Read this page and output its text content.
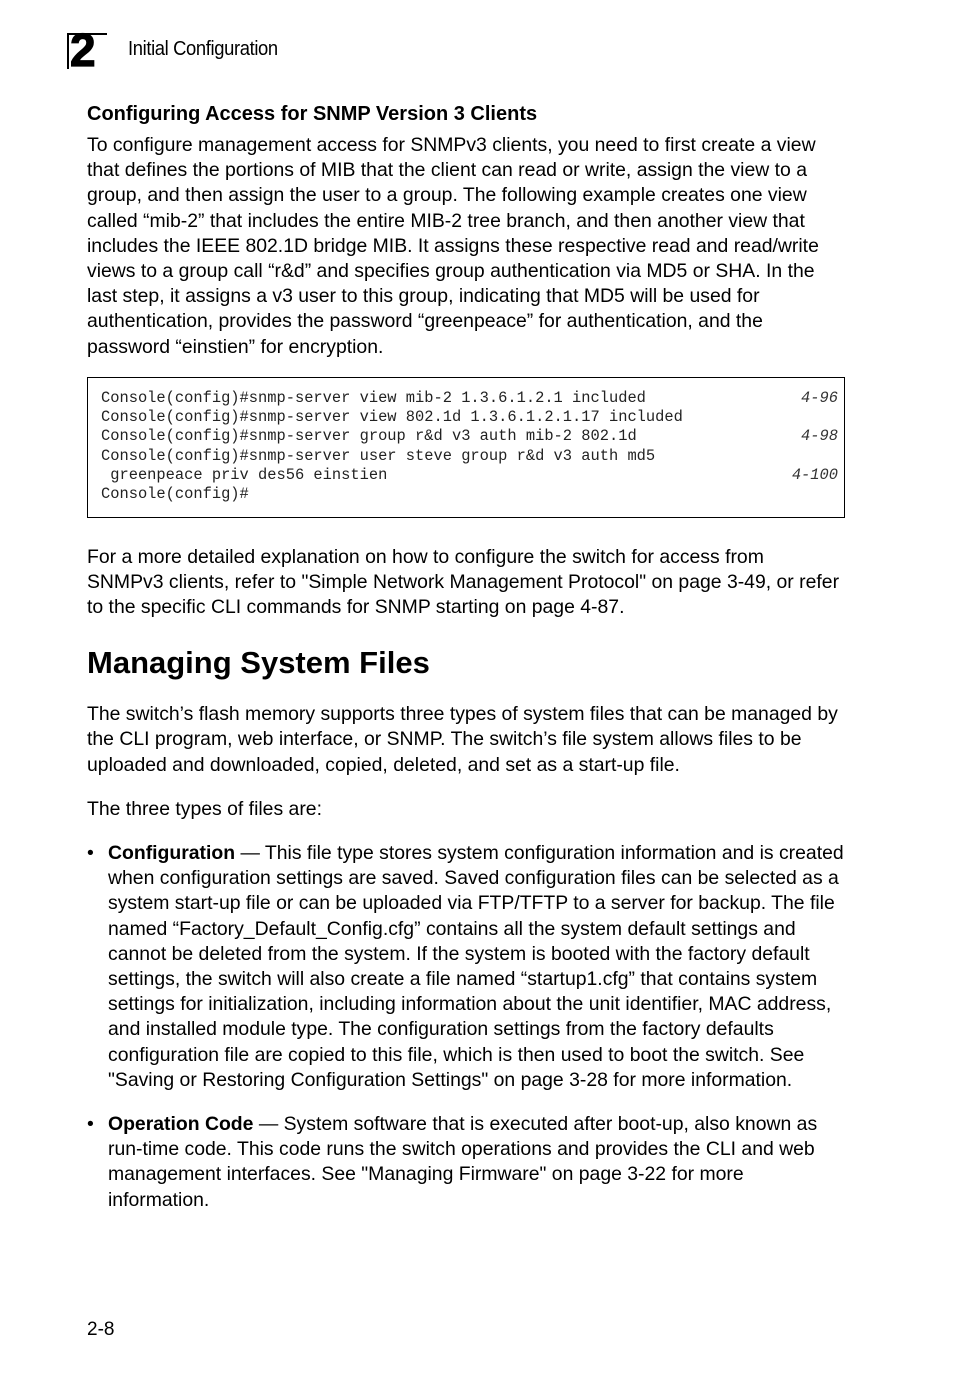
2 Initial Configuration
Configuring Access for SNMP Version 3 Clients

To configure management access for SNMPv3 clients, you need to first create a view that defines the portions of MIB that the client can read or write, assign the view to a group, and then assign the user to a group. The following example creates one view called “mib-2” that includes the entire MIB-2 tree branch, and then another view that includes the IEEE 802.1D bridge MIB. It assigns these respective read and read/write views to a group call “r&d” and specifies group authentication via MD5 or SHA. In the last step, it assigns a v3 user to this group, indicating that MD5 will be used for authentication, provides the password “greenpeace” for authentication, and the password “einstien” for encryption.

Console(config)#snmp-server view mib-2 1.3.6.1.2.1 included	4-96
Console(config)#snmp-server view 802.1d 1.3.6.1.2.1.17 included
Console(config)#snmp-server group r&d v3 auth mib-2 802.1d	4-98
Console(config)#snmp-server user steve group r&d v3 auth md5
greenpeace priv des56 einstien	4-100
Console(config)#

For a more detailed explanation on how to configure the switch for access from SNMPv3 clients, refer to "Simple Network Management Protocol" on page 3-49, or refer to the specific CLI commands for SNMP starting on page 4-87.

Managing System Files

The switch’s flash memory supports three types of system files that can be managed by the CLI program, web interface, or SNMP. The switch’s file system allows files to be uploaded and downloaded, copied, deleted, and set as a start-up file.

The three types of files are:

• Configuration — This file type stores system configuration information and is created when configuration settings are saved. Saved configuration files can be selected as a system start-up file or can be uploaded via FTP/TFTP to a server for backup. The file named “Factory_Default_Config.cfg” contains all the system default settings and cannot be deleted from the system. If the system is booted with the factory default settings, the switch will also create a file named “startup1.cfg” that contains system settings for initialization, including information about the unit identifier, MAC address, and installed module type. The configuration settings from the factory defaults configuration file are copied to this file, which is then used to boot the switch. See "Saving or Restoring Configuration Settings" on page 3-28 for more information.
• Operation Code — System software that is executed after boot-up, also known as run-time code. This code runs the switch operations and provides the CLI and web management interfaces. See "Managing Firmware" on page 3-22 for more information.
2-8
